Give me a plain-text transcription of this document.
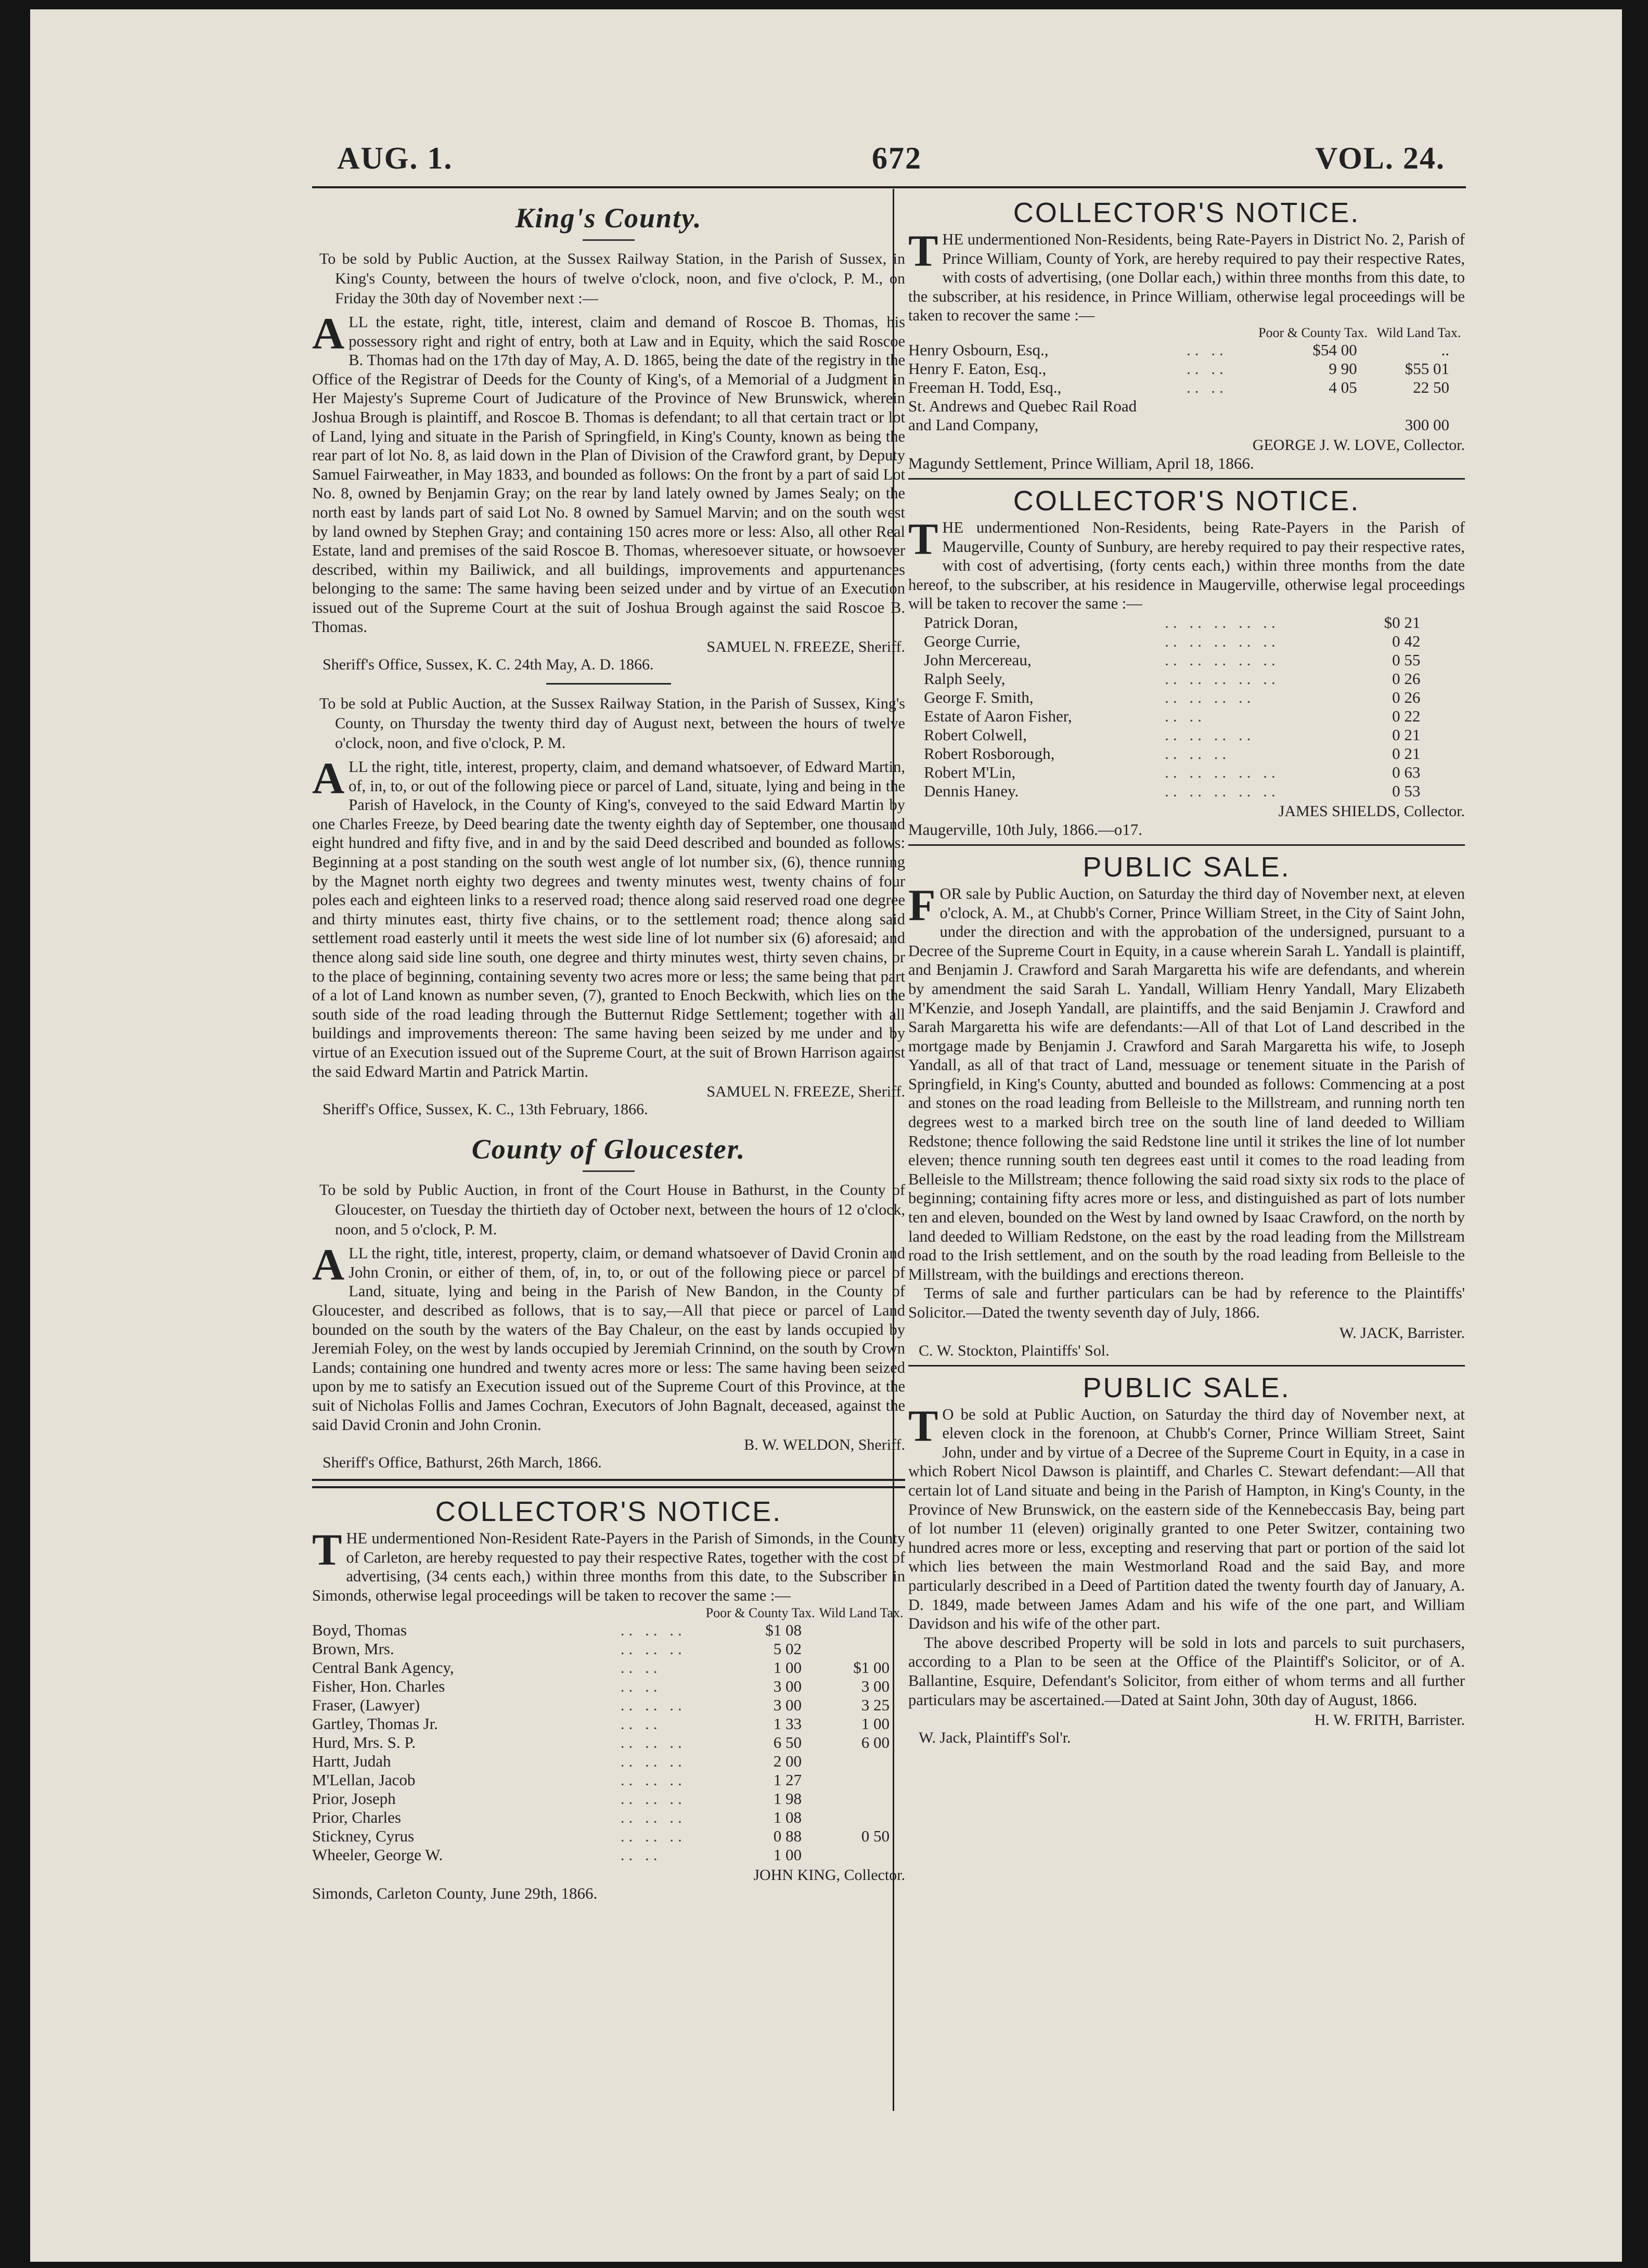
AUG. 1.	672	VOL. 24.
King's County.

To be sold by Public Auction, at the Sussex Railway Station, in the Parish of Sussex, in King's County, between the hours of twelve o'clock, noon, and five o'clock, P. M., on Friday the 30th day of November next :—

ALL the estate, right, title, interest, claim and demand of Roscoe B. Thomas, his possessory right and right of entry, both at Law and in Equity, which the said Roscoe B. Thomas had on the 17th day of May, A. D. 1865, being the date of the registry in the Office of the Registrar of Deeds for the County of King's, of a Memorial of a Judgment in Her Majesty's Supreme Court of Judicature of the Province of New Brunswick, wherein Joshua Brough is plaintiff, and Roscoe B. Thomas is defendant; to all that certain tract or lot of Land, lying and situate in the Parish of Springfield, in King's County, known as being the rear part of lot No. 8, as laid down in the Plan of Division of the Crawford grant, by Deputy Samuel Fairweather, in May 1833, and bounded as follows: On the front by a part of said Lot No. 8, owned by Benjamin Gray; on the rear by land lately owned by James Sealy; on the north east by lands part of said Lot No. 8 owned by Samuel Marvin; and on the south west by land owned by Stephen Gray; and containing 150 acres more or less: Also, all other Real Estate, land and premises of the said Roscoe B. Thomas, wheresoever situate, or howsoever described, within my Bailiwick, and all buildings, improvements and appurtenances belonging to the same: The same having been seized under and by virtue of an Execution issued out of the Supreme Court at the suit of Joshua Brough against the said Roscoe B. Thomas.

SAMUEL N. FREEZE, Sheriff.

Sheriff's Office, Sussex, K. C. 24th May, A. D. 1866.

To be sold at Public Auction, at the Sussex Railway Station, in the Parish of Sussex, King's County, on Thursday the twenty third day of August next, between the hours of twelve o'clock, noon, and five o'clock, P. M.

ALL the right, title, interest, property, claim, and demand whatsoever, of Edward Martin, of, in, to, or out of the following piece or parcel of Land, situate, lying and being in the Parish of Havelock, in the County of King's, conveyed to the said Edward Martin by one Charles Freeze, by Deed bearing date the twenty eighth day of September, one thousand eight hundred and fifty five, and in and by the said Deed described and bounded as follows: Beginning at a post standing on the south west angle of lot number six, (6), thence running by the Magnet north eighty two degrees and twenty minutes west, twenty chains of four poles each and eighteen links to a reserved road; thence along said reserved road one degree and thirty minutes east, thirty five chains, or to the settlement road; thence along said settlement road easterly until it meets the west side line of lot number six (6) aforesaid; and thence along said side line south, one degree and thirty minutes west, thirty seven chains, or to the place of beginning, containing seventy two acres more or less; the same being that part of a lot of Land known as number seven, (7), granted to Enoch Beckwith, which lies on the south side of the road leading through the Butternut Ridge Settlement; together with all buildings and improvements thereon: The same having been seized by me under and by virtue of an Execution issued out of the Supreme Court, at the suit of Brown Harrison against the said Edward Martin and Patrick Martin.

SAMUEL N. FREEZE, Sheriff.

Sheriff's Office, Sussex, K. C., 13th February, 1866.

County of Gloucester.

To be sold by Public Auction, in front of the Court House in Bathurst, in the County of Gloucester, on Tuesday the thirtieth day of October next, between the hours of 12 o'clock, noon, and 5 o'clock, P. M.

ALL the right, title, interest, property, claim, or demand whatsoever of David Cronin and John Cronin, or either of them, of, in, to, or out of the following piece or parcel of Land, situate, lying and being in the Parish of New Bandon, in the County of Gloucester, and described as follows, that is to say,—All that piece or parcel of Land bounded on the south by the waters of the Bay Chaleur, on the east by lands occupied by Jeremiah Foley, on the west by lands occupied by Jeremiah Crinnind, on the south by Crown Lands; containing one hundred and twenty acres more or less: The same having been seized upon by me to satisfy an Execution issued out of the Supreme Court of this Province, at the suit of Nicholas Follis and James Cochran, Executors of John Bagnalt, deceased, against the said David Cronin and John Cronin.

B. W. WELDON, Sheriff.

Sheriff's Office, Bathurst, 26th March, 1866.

COLLECTOR'S NOTICE.

THE undermentioned Non-Resident Rate-Payers in the Parish of Simonds, in the County of Carleton, are hereby requested to pay their respective Rates, together with the cost of advertising, (34 cents each,) within three months from this date, to the Subscriber in Simonds, otherwise legal proceedings will be taken to recover the same :—

		Poor & County Tax.	Wild Land Tax.
Boyd, Thomas	.. .. ..	$1 08	
Brown, Mrs.	.. .. ..	5 02	
Central Bank Agency,	.. ..	1 00	$1 00
Fisher, Hon. Charles	.. ..	3 00	3 00
Fraser, (Lawyer)	.. .. ..	3 00	3 25
Gartley, Thomas Jr.	.. ..	1 33	1 00
Hurd, Mrs. S. P.	.. .. ..	6 50	6 00
Hartt, Judah	.. .. ..	2 00	
M'Lellan, Jacob	.. .. ..	1 27	
Prior, Joseph	.. .. ..	1 98	
Prior, Charles	.. .. ..	1 08	
Stickney, Cyrus	.. .. ..	0 88	0 50
Wheeler, George W.	.. ..	1 00	

JOHN KING, Collector.

Simonds, Carleton County, June 29th, 1866.

COLLECTOR'S NOTICE.

THE undermentioned Non-Residents, being Rate-Payers in District No. 2, Parish of Prince William, County of York, are hereby required to pay their respective Rates, with costs of advertising, (one Dollar each,) within three months from this date, to the subscriber, at his residence, in Prince William, otherwise legal proceedings will be taken to recover the same :—

		Poor & County Tax.	Wild Land Tax.
Henry Osbourn, Esq.,	.. ..	$54 00	..
Henry F. Eaton, Esq.,	.. ..	9 90	$55 01
Freeman H. Todd, Esq.,	.. ..	4 05	22 50
St. Andrews and Quebec Rail Road			
and Land Company,			300 00

GEORGE J. W. LOVE, Collector.

Magundy Settlement, Prince William, April 18, 1866.

COLLECTOR'S NOTICE.

THE undermentioned Non-Residents, being Rate-Payers in the Parish of Maugerville, County of Sunbury, are hereby required to pay their respective rates, with cost of advertising, (forty cents each,) within three months from the date hereof, to the subscriber, at his residence in Maugerville, otherwise legal proceedings will be taken to recover the same :—

Patrick Doran,	.. .. .. .. ..	$0 21
George Currie,	.. .. .. .. ..	0 42
John Mercereau,	.. .. .. .. ..	0 55
Ralph Seely,	.. .. .. .. ..	0 26
George F. Smith,	.. .. .. ..	0 26
Estate of Aaron Fisher,	.. ..	0 22
Robert Colwell,	.. .. .. ..	0 21
Robert Rosborough,	.. .. ..	0 21
Robert M'Lin,	.. .. .. .. ..	0 63
Dennis Haney.	.. .. .. .. ..	0 53

JAMES SHIELDS, Collector.

Maugerville, 10th July, 1866.—o17.

PUBLIC SALE.

FOR sale by Public Auction, on Saturday the third day of November next, at eleven o'clock, A. M., at Chubb's Corner, Prince William Street, in the City of Saint John, under the direction and with the approbation of the undersigned, pursuant to a Decree of the Supreme Court in Equity, in a cause wherein Sarah L. Yandall is plaintiff, and Benjamin J. Crawford and Sarah Margaretta his wife are defendants, and wherein by amendment the said Sarah L. Yandall, William Henry Yandall, Mary Elizabeth M'Kenzie, and Joseph Yandall, are plaintiffs, and the said Benjamin J. Crawford and Sarah Margaretta his wife are defendants:—All of that Lot of Land described in the mortgage made by Benjamin J. Crawford and Sarah Margaretta his wife, to Joseph Yandall, as all of that tract of Land, messuage or tenement situate in the Parish of Springfield, in King's County, abutted and bounded as follows: Commencing at a post and stones on the road leading from Belleisle to the Millstream, and running north ten degrees west to a marked birch tree on the south line of land deeded to William Redstone; thence following the said Redstone line until it strikes the line of lot number eleven; thence running south ten degrees east until it comes to the road leading from Belleisle to the Millstream; thence following the said road sixty six rods to the place of beginning; containing fifty acres more or less, and distinguished as part of lots number ten and eleven, bounded on the West by land owned by Isaac Crawford, on the north by land deeded to William Redstone, on the east by the road leading from the Millstream road to the Irish settlement, and on the south by the road leading from Belleisle to the Millstream, with the buildings and erections thereon.

Terms of sale and further particulars can be had by reference to the Plaintiffs' Solicitor.—Dated the twenty seventh day of July, 1866.

W. JACK, Barrister.

C. W. Stockton, Plaintiffs' Sol.

PUBLIC SALE.

T O be sold at Public Auction, on Saturday the third day of November next, at eleven clock in the forenoon, at Chubb's Corner, Prince William Street, Saint John, under and by virtue of a Decree of the Supreme Court in Equity, in a case in which Robert Nicol Dawson is plaintiff, and Charles C. Stewart defendant:—All that certain lot of Land situate and being in the Parish of Hampton, in King's County, in the Province of New Brunswick, on the eastern side of the Kennebeccasis Bay, being part of lot number 11 (eleven) originally granted to one Peter Switzer, containing two hundred acres more or less, excepting and reserving that part or portion of the said lot which lies between the main Westmorland Road and the said Bay, and more particularly described in a Deed of Partition dated the twenty fourth day of January, A. D. 1849, made between James Adam and his wife of the one part, and William Davidson and his wife of the other part.

The above described Property will be sold in lots and parcels to suit purchasers, according to a Plan to be seen at the Office of the Plaintiff's Solicitor, or of A. Ballantine, Esquire, Defendant's Solicitor, from either of whom terms and all further particulars may be ascertained.—Dated at Saint John, 30th day of August, 1866.

H. W. FRITH, Barrister.

W. Jack, Plaintiff's Sol'r.
